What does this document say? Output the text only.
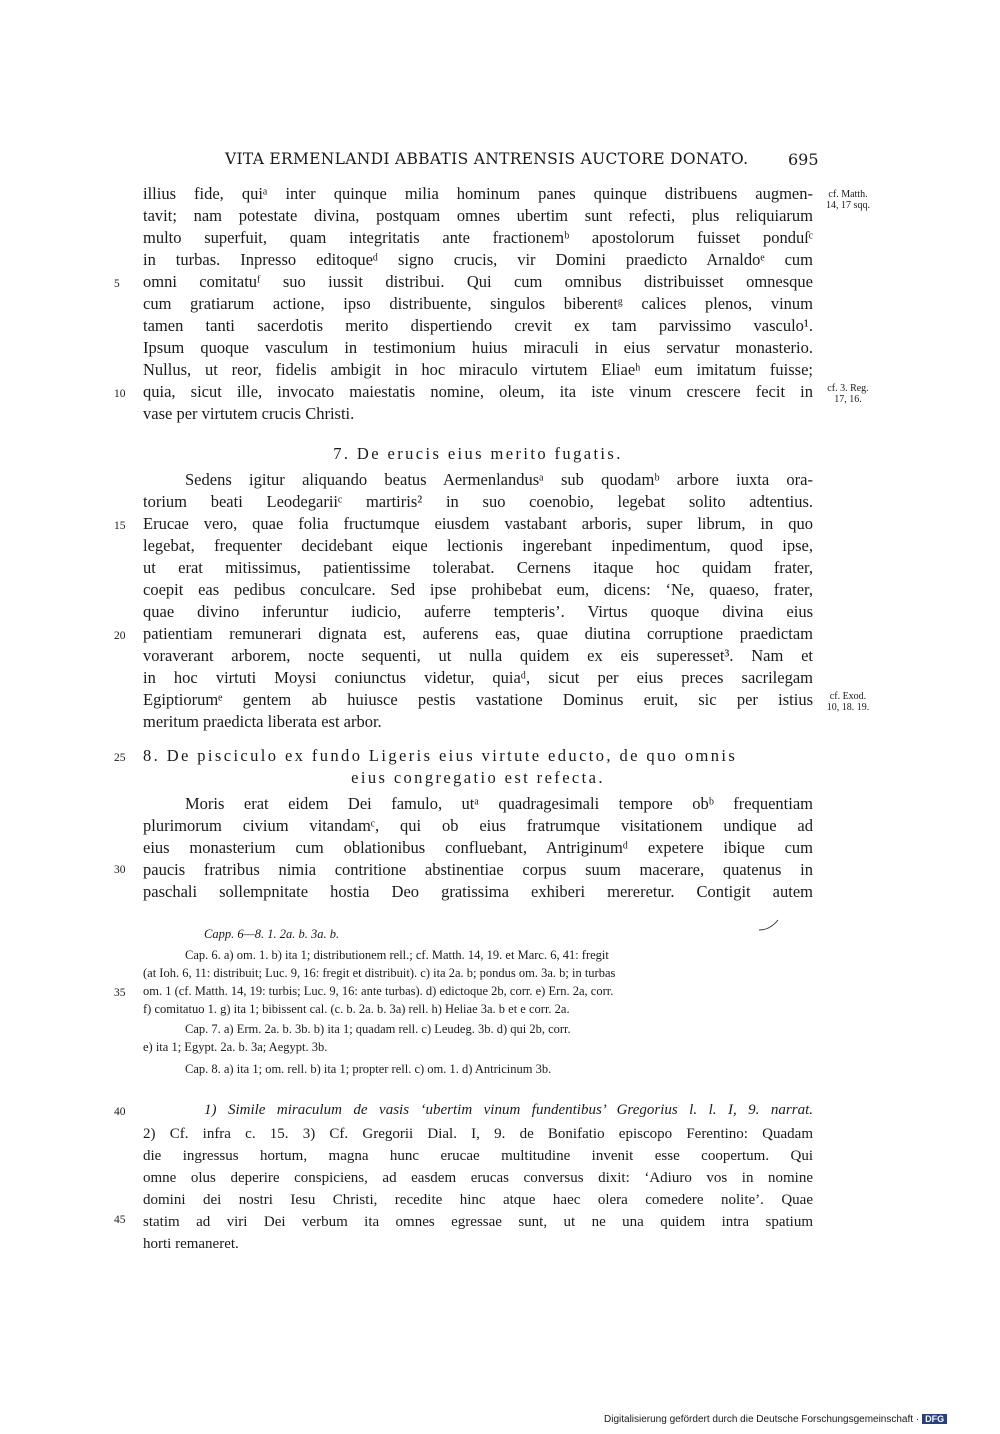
VITA ERMENLANDI ABBATIS ANTRENSIS AUCTORE DONATO. 695
illius fide, quiᵃ inter quinque milia hominum panes quinque distribuens augmen-
tavit; nam potestate divina, postquam omnes ubertim sunt refecti, plus reliquiarum
multo superfuit, quam integritatis ante fractionemᵇ apostolorum fuisset ponduſᶜ
in turbas. Inpresso editoqueᵈ signo crucis, vir Domini praedicto Arnaldoᵉ cum
omni comitatuᶠ suo iussit distribui. Qui cum omnibus distribuisset omnesque
cum gratiarum actione, ipso distribuente, singulos biberentᵍ calices plenos, vinum
tamen tanti sacerdotis merito dispertiendo crevit ex tam parvissimo vasculo¹.
Ipsum quoque vasculum in testimonium huius miraculi in eius servatur monasterio.
Nullus, ut reor, fidelis ambigit in hoc miraculo virtutem Eliaeʰ eum imitatum fuisse;
quia, sicut ille, invocato maiestatis nomine, oleum, ita iste vinum crescere fecit in
vase per virtutem crucis Christi.
7. De erucis eius merito fugatis.
Sedens igitur aliquando beatus Aermenlandusᵃ sub quodamᵇ arbore iuxta ora-
torium beati Leodegariiᶜ martiris² in suo coenobio, legebat solito adtentius.
Erucae vero, quae folia fructumque eiusdem vastabant arboris, super librum, in quo
legebat, frequenter decidebant eique lectionis ingerebant inpedimentum, quod ipse,
ut erat mitissimus, patientissime tolerabat. Cernens itaque hoc quidam frater,
coepit eas pedibus conculcare. Sed ipse prohibebat eum, dicens: ‘Ne, quaeso, frater,
quae divino inferuntur iudicio, auferre tempteris’. Virtus quoque divina eius
patientiam remunerari dignata est, auferens eas, quae diutina corruptione praedictam
voraverant arborem, nocte sequenti, ut nulla quidem ex eis superesset³. Nam et
in hoc virtuti Moysi coniunctus videtur, quiaᵈ, sicut per eius preces sacrilegam
Egiptiorumᵉ gentem ab huiusce pestis vastatione Dominus eruit, sic per istius
meritum praedicta liberata est arbor.
8. De pisciculo ex fundo Ligeris eius virtute educto, de quo omnis
eius congregatio est refecta.
Moris erat eidem Dei famulo, utᵃ quadragesimali tempore obᵇ frequentiam
plurimorum civium vitandamᶜ, qui ob eius fratrumque visitationem undique ad
eius monasterium cum oblationibus confluebant, Antriginumᵈ expetere ibique cum
paucis fratribus nimia contritione abstinentiae corpus suum macerare, quatenus in
paschali sollempnitate hostia Deo gratissima exhiberi mereretur. Contigit autem
5
10
15
20
25
30
35
40
45
cf. Matth.
14, 17 sqq.
cf. 3. Reg.
17, 16.
cf. Exod.
10, 18. 19.
Capp. 6—8. 1. 2a. b. 3a. b.
Cap. 6. a) om. 1. b) ita 1; distributionem rell.; cf. Matth. 14, 19. et Marc. 6, 41: fregit
(at Ioh. 6, 11: distribuit; Luc. 9, 16: fregit et distribuit). c) ita 2a. b; pondus om. 3a. b; in turbas
om. 1 (cf. Matth. 14, 19: turbis; Luc. 9, 16: ante turbas). d) edictoque 2b, corr. e) Ern. 2a, corr.
f) comitatuo 1. g) ita 1; bibissent cal. (c. b. 2a. b. 3a) rell. h) Heliae 3a. b et e corr. 2a.
Cap. 7. a) Erm. 2a. b. 3b. b) ita 1; quadam rell. c) Leudeg. 3b. d) qui 2b, corr.
e) ita 1; Egypt. 2a. b. 3a; Aegypt. 3b.
Cap. 8. a) ita 1; om. rell. b) ita 1; propter rell. c) om. 1. d) Antricinum 3b.
1) Simile miraculum de vasis ‘ubertim vinum fundentibus’ Gregorius l. l. I, 9. narrat.
2) Cf. infra c. 15. 3) Cf. Gregorii Dial. I, 9. de Bonifatio episcopo Ferentino: Quadam
die ingressus hortum, magna hunc erucae multitudine invenit esse coopertum. Qui
omne olus deperire conspiciens, ad easdem erucas conversus dixit: ‘Adiuro vos in nomine
domini dei nostri Iesu Christi, recedite hinc atque haec olera comedere nolite’. Quae
statim ad viri Dei verbum ita omnes egressae sunt, ut ne una quidem intra spatium
horti remaneret.
Digitalisierung gefördert durch die Deutsche Forschungsgemeinschaft · DFG
